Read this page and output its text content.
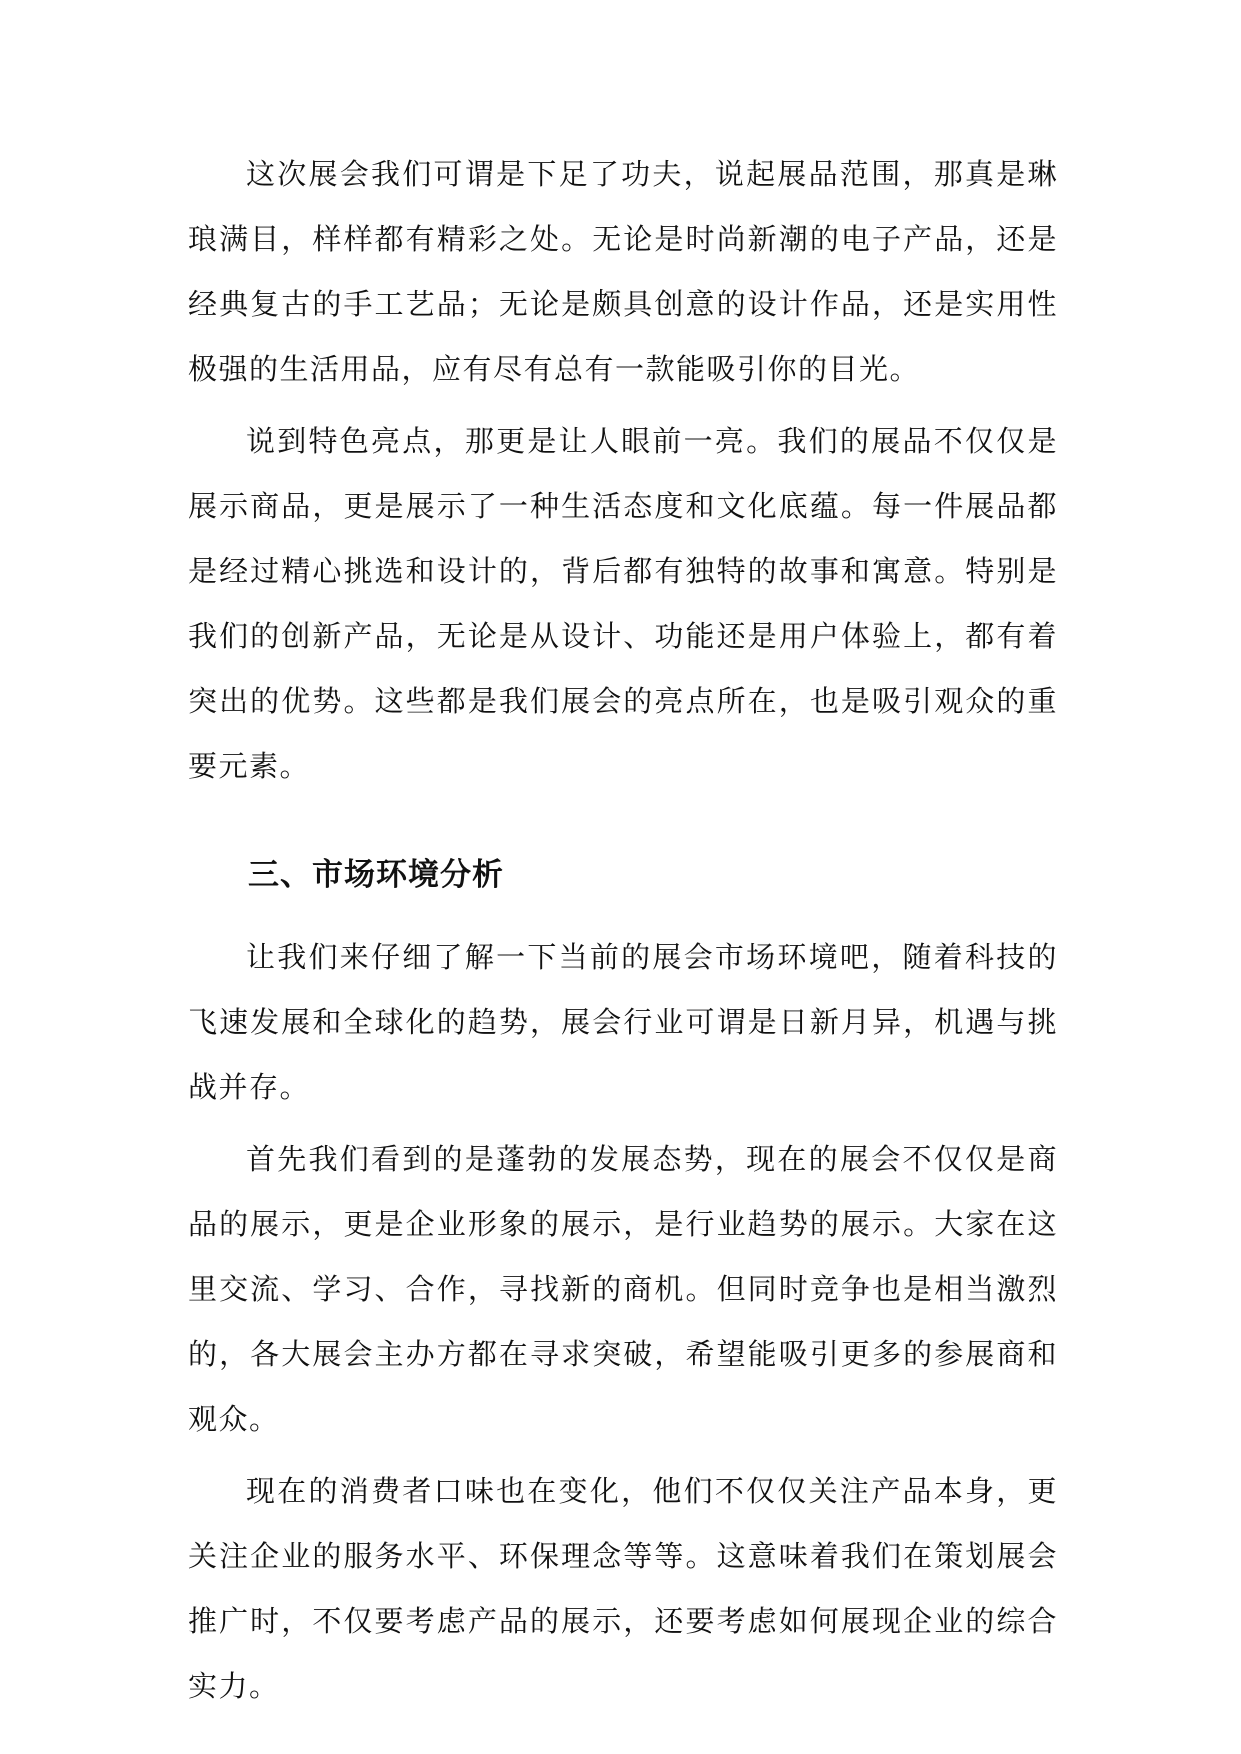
这次展会我们可谓是下足了功夫，说起展品范围，那真是琳琅满目，样样都有精彩之处。无论是时尚新潮的电子产品，还是经典复古的手工艺品；无论是颇具创意的设计作品，还是实用性极强的生活用品，应有尽有总有一款能吸引你的目光。

说到特色亮点，那更是让人眼前一亮。我们的展品不仅仅是展示商品，更是展示了一种生活态度和文化底蕴。每一件展品都是经过精心挑选和设计的，背后都有独特的故事和寓意。特别是我们的创新产品，无论是从设计、功能还是用户体验上，都有着突出的优势。这些都是我们展会的亮点所在，也是吸引观众的重要元素。

三、市场环境分析

让我们来仔细了解一下当前的展会市场环境吧，随着科技的飞速发展和全球化的趋势，展会行业可谓是日新月异，机遇与挑战并存。

首先我们看到的是蓬勃的发展态势，现在的展会不仅仅是商品的展示，更是企业形象的展示，是行业趋势的展示。大家在这里交流、学习、合作，寻找新的商机。但同时竞争也是相当激烈的，各大展会主办方都在寻求突破，希望能吸引更多的参展商和观众。

现在的消费者口味也在变化，他们不仅仅关注产品本身，更关注企业的服务水平、环保理念等等。这意味着我们在策划展会推广时，不仅要考虑产品的展示，还要考虑如何展现企业的综合实力。
